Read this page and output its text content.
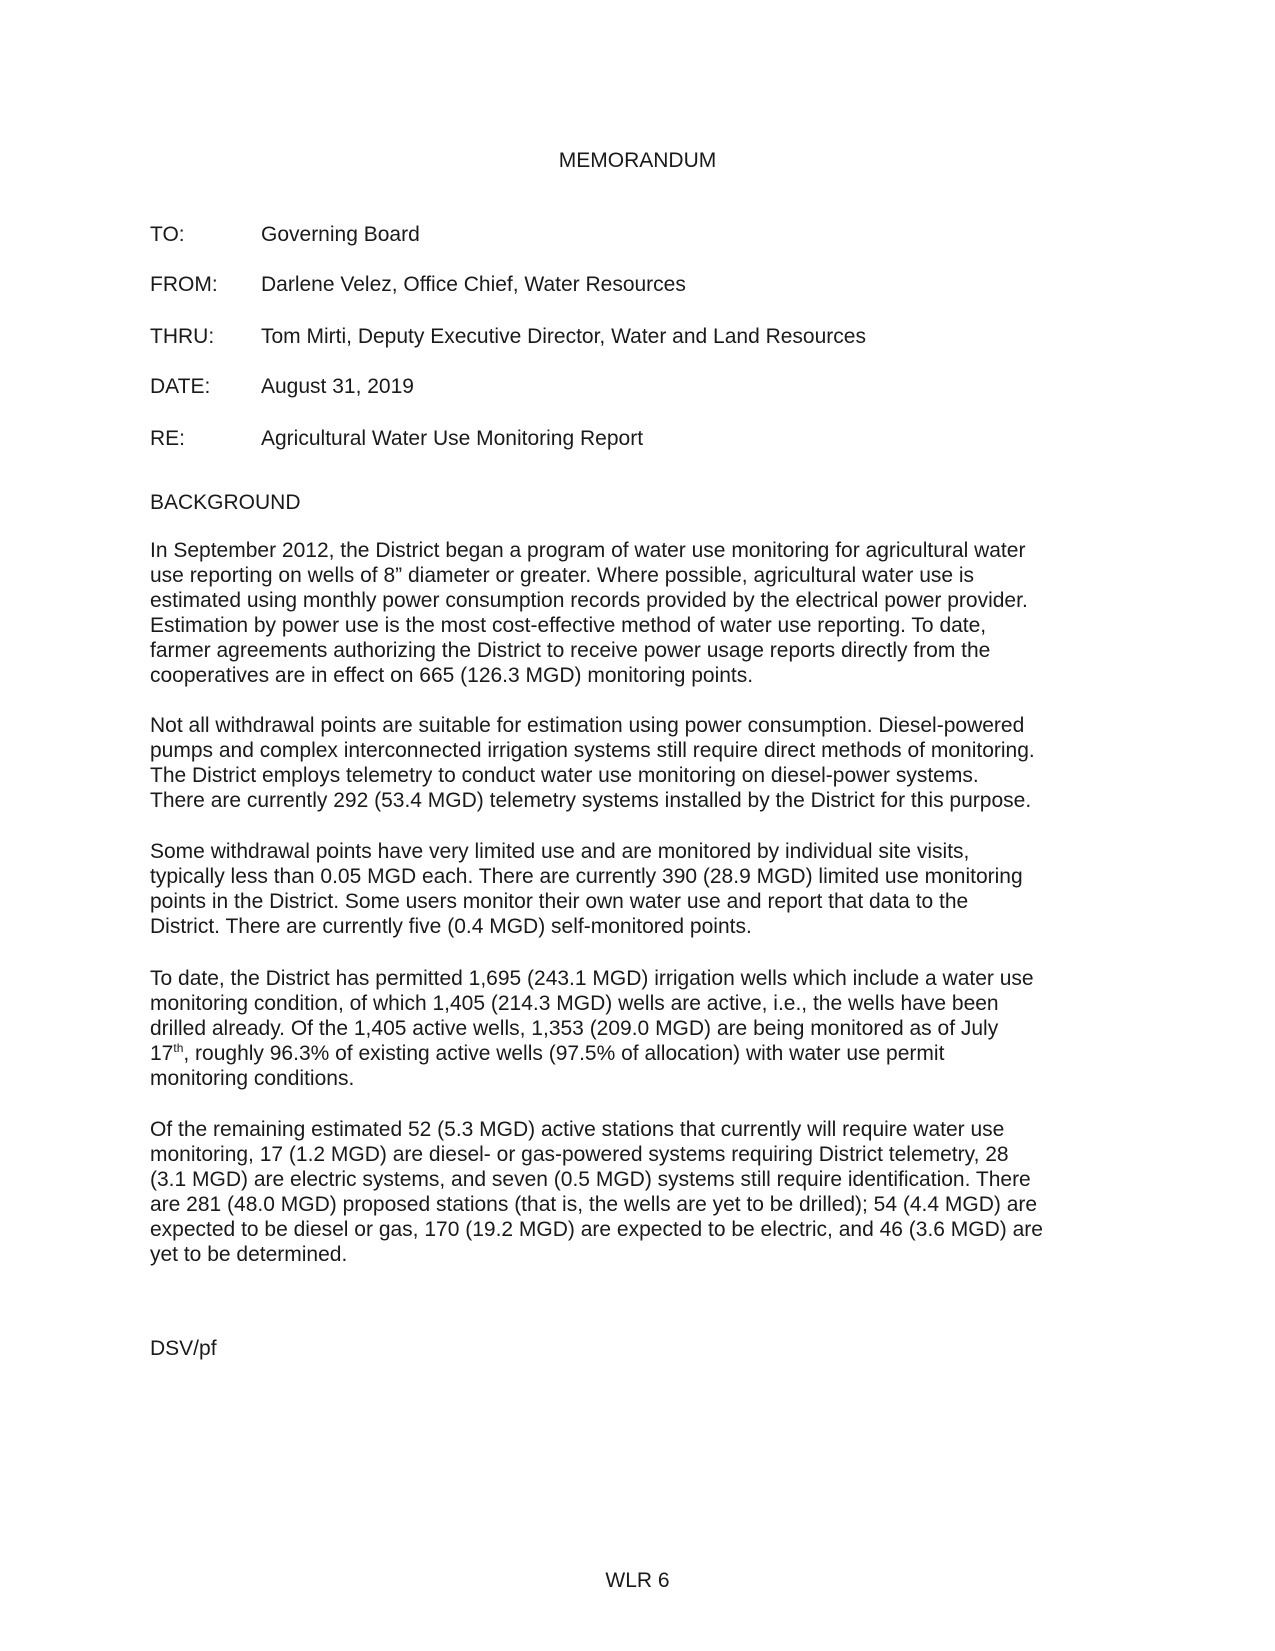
MEMORANDUM
TO:	Governing Board
FROM: Darlene Velez, Office Chief, Water Resources
THRU: Tom Mirti, Deputy Executive Director, Water and Land Resources
DATE: August 31, 2019
RE:	Agricultural Water Use Monitoring Report
BACKGROUND

In September 2012, the District began a program of water use monitoring for agricultural water
use reporting on wells of 8” diameter or greater. Where possible, agricultural water use is
estimated using monthly power consumption records provided by the electrical power provider.
Estimation by power use is the most cost-effective method of water use reporting. To date,
farmer agreements authorizing the District to receive power usage reports directly from the
cooperatives are in effect on 665 (126.3 MGD) monitoring points.

Not all withdrawal points are suitable for estimation using power consumption. Diesel-powered
pumps and complex interconnected irrigation systems still require direct methods of monitoring.
The District employs telemetry to conduct water use monitoring on diesel-power systems.
There are currently 292 (53.4 MGD) telemetry systems installed by the District for this purpose.

Some withdrawal points have very limited use and are monitored by individual site visits,
typically less than 0.05 MGD each. There are currently 390 (28.9 MGD) limited use monitoring
points in the District. Some users monitor their own water use and report that data to the
District. There are currently five (0.4 MGD) self-monitored points.

To date, the District has permitted 1,695 (243.1 MGD) irrigation wells which include a water use
monitoring condition, of which 1,405 (214.3 MGD) wells are active, i.e., the wells have been
drilled already. Of the 1,405 active wells, 1,353 (209.0 MGD) are being monitored as of July
17th, roughly 96.3% of existing active wells (97.5% of allocation) with water use permit
monitoring conditions.

Of the remaining estimated 52 (5.3 MGD) active stations that currently will require water use
monitoring, 17 (1.2 MGD) are diesel- or gas-powered systems requiring District telemetry, 28
(3.1 MGD) are electric systems, and seven (0.5 MGD) systems still require identification. There
are 281 (48.0 MGD) proposed stations (that is, the wells are yet to be drilled); 54 (4.4 MGD) are
expected to be diesel or gas, 170 (19.2 MGD) are expected to be electric, and 46 (3.6 MGD) are
yet to be determined.

DSV/pf
WLR 6
